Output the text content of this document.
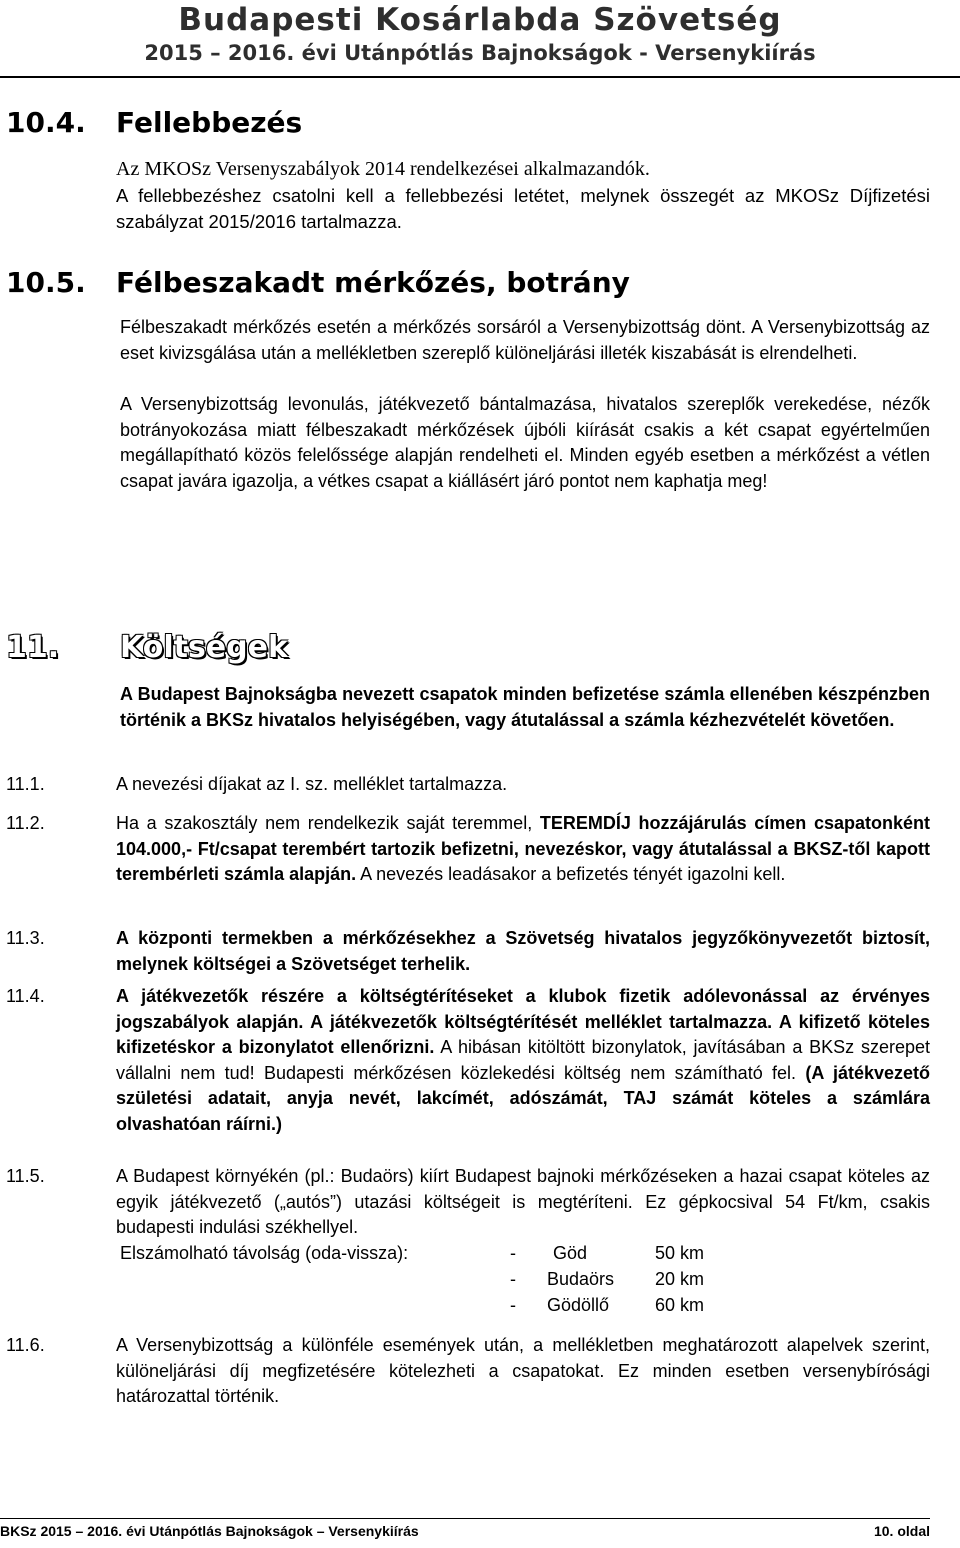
Budapesti Kosárlabda Szövetség
2015 – 2016. évi Utánpótlás Bajnokságok - Versenykiírás
10.4. Fellebbezés
Az MKOSz Versenyszabályok 2014 rendelkezései alkalmazandók.
A fellebbezéshez csatolni kell a fellebbezési letétet, melynek összegét az MKOSz Díjfizetési szabályzat 2015/2016 tartalmazza.
10.5. Félbeszakadt mérkőzés, botrány
Félbeszakadt mérkőzés esetén a mérkőzés sorsáról a Versenybizottság dönt. A Versenybizottság az eset kivizsgálása után a mellékletben szereplő különeljárási illeték kiszabását is elrendelheti.
A Versenybizottság levonulás, játékvezető bántalmazása, hivatalos szereplők verekedése, nézők botrányokozása miatt félbeszakadt mérkőzések újbóli kiírását csakis a két csapat egyértelműen megállapítható közös felelőssége alapján rendelheti el. Minden egyéb esetben a mérkőzést a vétlen csapat javára igazolja, a vétkes csapat a kiállásért járó pontot nem kaphatja meg!
11. Költségek
A Budapest Bajnokságba nevezett csapatok minden befizetése számla ellenében készpénzben történik a BKSz hivatalos helyiségében, vagy átutalással a számla kézhezvételét követően.
11.1.	A nevezési díjakat az I. sz. melléklet tartalmazza.
11.2.	Ha a szakosztály nem rendelkezik saját teremmel, TEREMDÍJ hozzájárulás címen csapatonként 104.000,- Ft/csapat terembért tartozik befizetni, nevezéskor, vagy átutalással a BKSZ-től kapott terembérleti számla alapján. A nevezés leadásakor a befizetés tényét igazolni kell.
11.3.	A központi termekben a mérkőzésekhez a Szövetség hivatalos jegyzőkönyvezetőt biztosít, melynek költségei a Szövetséget terhelik.
11.4.	A játékvezetők részére a költségtérítéseket a klubok fizetik adólevonással az érvényes jogszabályok alapján. A játékvezetők költségtérítését melléklet tartalmazza. A kifizető köteles kifizetéskor a bizonylatot ellenőrizni. A hibásan kitöltött bizonylatok, javításában a BKSz szerepet vállalni nem tud! Budapesti mérkőzésen közlekedési költség nem számítható fel. (A játékvezető születési adatait, anyja nevét, lakcímét, adószámát, TAJ számát köteles a számlára olvashatóan ráírni.)
11.5.	A Budapest környékén (pl.: Budaörs) kiírt Budapest bajnoki mérkőzéseken a hazai csapat köteles az egyik játékvezető („autós”) utazási költségeit is megtéríteni. Ez gépkocsival 54 Ft/km, csakis budapesti indulási székhellyel.
Elszámolható távolság (oda-vissza):	- Göd	50 km
- Budaörs 20 km
- Gödöllő	60 km
11.6.	A Versenybizottság a különféle események után, a mellékletben meghatározott alapelvek szerint, különeljárási díj megfizetésére kötelezheti a csapatokat. Ez minden esetben versenybírósági határozattal történik.
BKSz 2015 – 2016. évi Utánpótlás Bajnokságok – Versenykiírás	10. oldal
